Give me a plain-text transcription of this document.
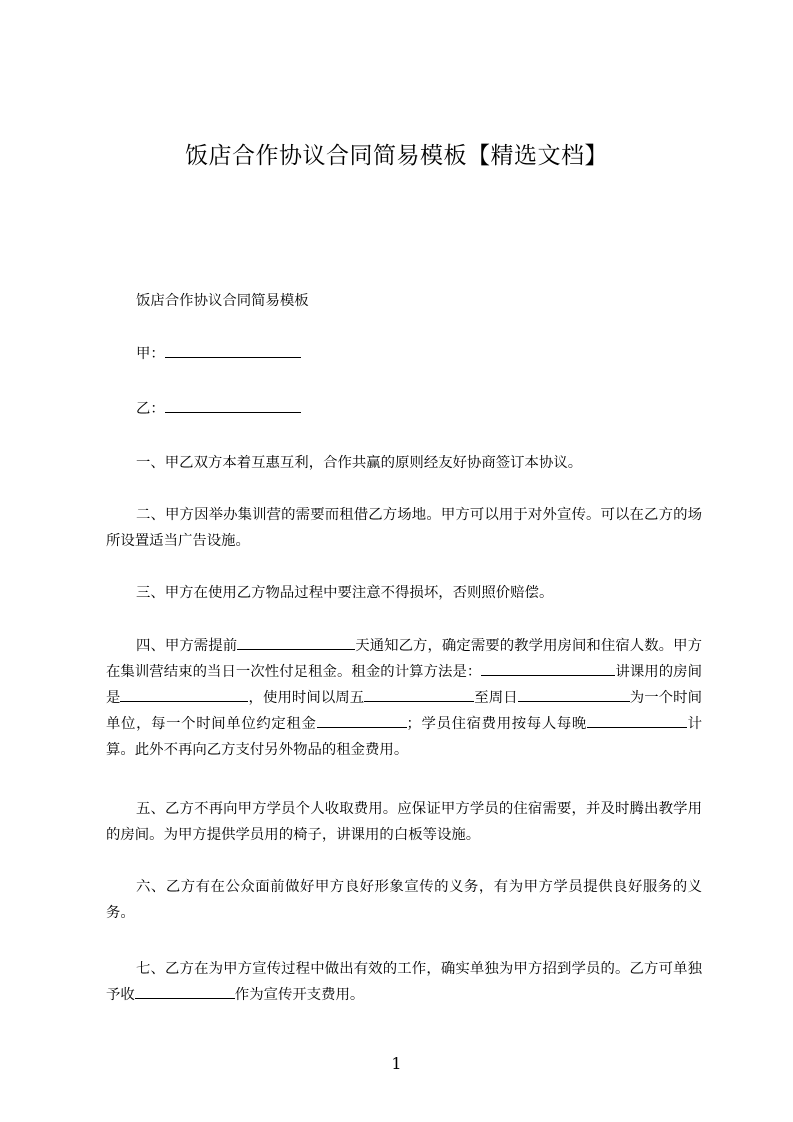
饭店合作协议合同简易模板【精选文档】
饭店合作协议合同简易模板
甲：
乙：
一、甲乙双方本着互惠互利，合作共赢的原则经友好协商签订本协议。
二、甲方因举办集训营的需要而租借乙方场地。甲方可以用于对外宣传。可以在乙方的场所设置适当广告设施。
三、甲方在使用乙方物品过程中要注意不得损坏，否则照价赔偿。
四、甲方需提前	天通知乙方，确定需要的教学用房间和住宿人数。甲方在集训营结束的当日一次性付足租金。租金的计算方法是：	讲课用的房间是	，使用时间以周五	至周日	为一个时间单位，每一个时间单位约定租金	；学员住宿费用按每人每晚	计算。此外不再向乙方支付另外物品的租金费用。
五、乙方不再向甲方学员个人收取费用。应保证甲方学员的住宿需要，并及时腾出教学用的房间。为甲方提供学员用的椅子，讲课用的白板等设施。
六、乙方有在公众面前做好甲方良好形象宣传的义务，有为甲方学员提供良好服务的义务。
七、乙方在为甲方宣传过程中做出有效的工作，确实单独为甲方招到学员的。乙方可单独予收	作为宣传开支费用。
1
